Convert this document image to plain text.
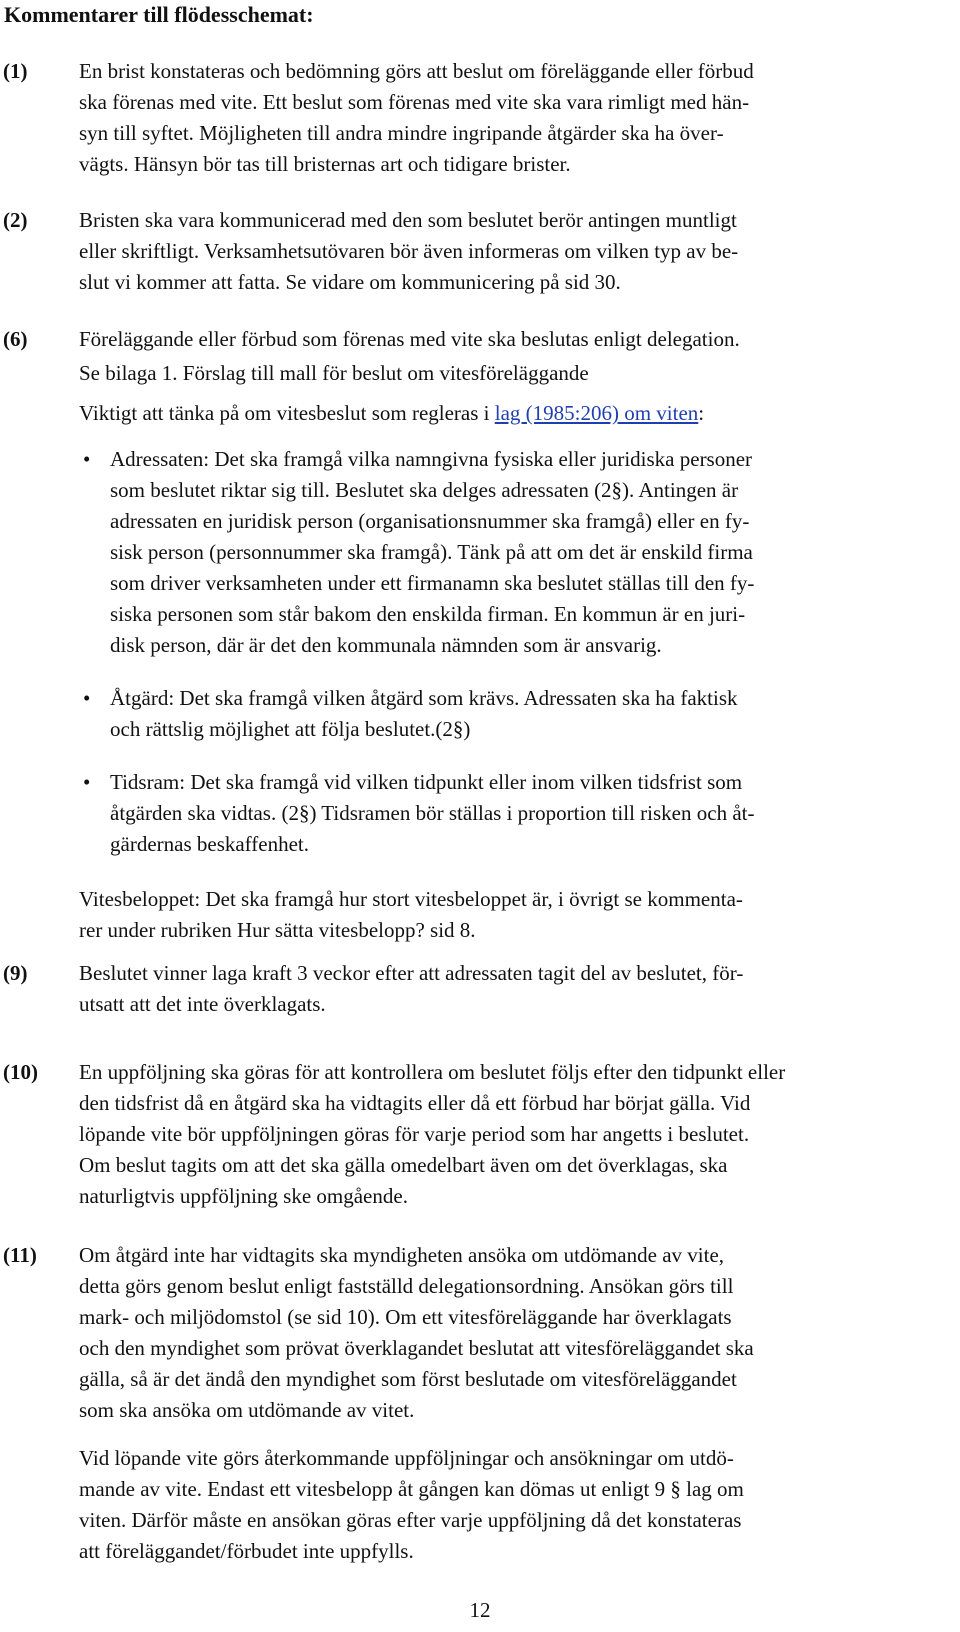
Kommentarer till flödesschemat:
(1) En brist konstateras och bedömning görs att beslut om föreläggande eller förbud
ska förenas med vite. Ett beslut som förenas med vite ska vara rimligt med hän-
syn till syftet. Möjligheten till andra mindre ingripande åtgärder ska ha över-
vägts. Hänsyn bör tas till bristernas art och tidigare brister.
(2) Bristen ska vara kommunicerad med den som beslutet berör antingen muntligt
eller skriftligt. Verksamhetsutövaren bör även informeras om vilken typ av be-
slut vi kommer att fatta. Se vidare om kommunicering på sid 30.
(6) Föreläggande eller förbud som förenas med vite ska beslutas enligt delegation.
Se bilaga 1. Förslag till mall för beslut om vitesföreläggande
Viktigt att tänka på om vitesbeslut som regleras i lag (1985:206) om viten:
• Adressaten: Det ska framgå vilka namngivna fysiska eller juridiska personer
som beslutet riktar sig till. Beslutet ska delges adressaten (2§). Antingen är
adressaten en juridisk person (organisationsnummer ska framgå) eller en fy-
sisk person (personnummer ska framgå). Tänk på att om det är enskild firma
som driver verksamheten under ett firmanamn ska beslutet ställas till den fy-
siska personen som står bakom den enskilda firman. En kommun är en juri-
disk person, där är det den kommunala nämnden som är ansvarig.
• Åtgärd: Det ska framgå vilken åtgärd som krävs. Adressaten ska ha faktisk
och rättslig möjlighet att följa beslutet.(2§)
• Tidsram: Det ska framgå vid vilken tidpunkt eller inom vilken tidsfrist som
åtgärden ska vidtas. (2§) Tidsramen bör ställas i proportion till risken och åt-
gärdernas beskaffenhet.
Vitesbeloppet: Det ska framgå hur stort vitesbeloppet är, i övrigt se kommenta-
rer under rubriken Hur sätta vitesbelopp? sid 8.
(9) Beslutet vinner laga kraft 3 veckor efter att adressaten tagit del av beslutet, för-
utsatt att det inte överklagats.
(10) En uppföljning ska göras för att kontrollera om beslutet följs efter den tidpunkt eller
den tidsfrist då en åtgärd ska ha vidtagits eller då ett förbud har börjat gälla. Vid
löpande vite bör uppföljningen göras för varje period som har angetts i beslutet.
Om beslut tagits om att det ska gälla omedelbart även om det överklagas, ska
naturligtvis uppföljning ske omgående.
(11) Om åtgärd inte har vidtagits ska myndigheten ansöka om utdömande av vite,
detta görs genom beslut enligt fastställd delegationsordning. Ansökan görs till
mark- och miljödomstol (se sid 10). Om ett vitesföreläggande har överklagats
och den myndighet som prövat överklagandet beslutat att vitesföreläggandet ska
gälla, så är det ändå den myndighet som först beslutade om vitesföreläggandet
som ska ansöka om utdömande av vitet.
Vid löpande vite görs återkommande uppföljningar och ansökningar om utdö-
mande av vite. Endast ett vitesbelopp åt gången kan dömas ut enligt 9 § lag om
viten. Därför måste en ansökan göras efter varje uppföljning då det konstateras
att föreläggandet/förbudet inte uppfylls.
12
